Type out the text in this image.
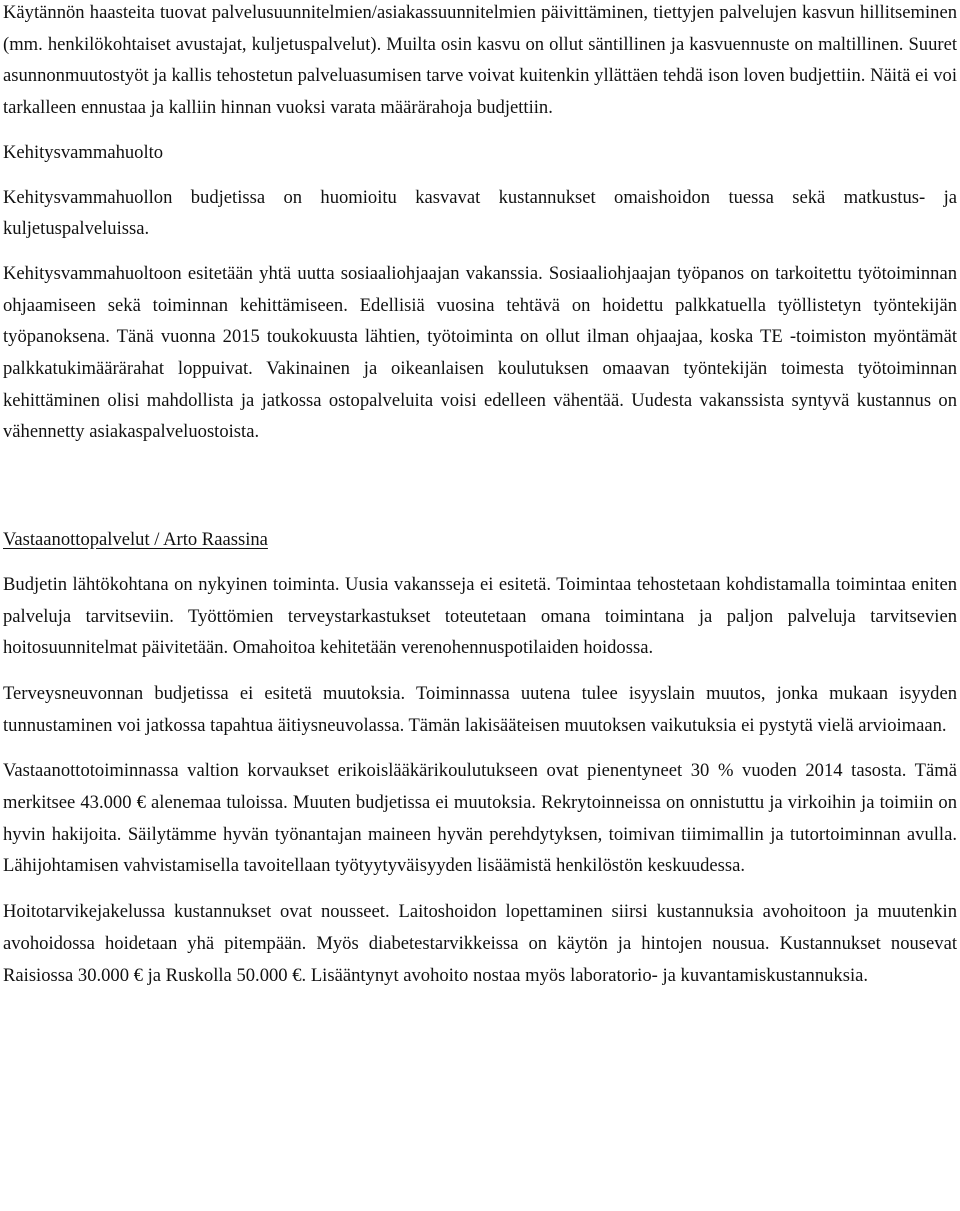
Käytännön haasteita tuovat palvelusuunnitelmien/asiakassuunnitelmien päivittäminen, tiettyjen palvelujen kasvun hillitseminen (mm. henkilökohtaiset avustajat, kuljetuspalvelut). Muilta osin kasvu on ollut säntillinen ja kasvuennuste on maltillinen. Suuret asunnonmuutostyöt ja kallis tehostetun palveluasumisen tarve voivat kuitenkin yllättäen tehdä ison loven budjettiin. Näitä ei voi tarkalleen ennustaa ja kalliin hinnan vuoksi varata määrärahoja budjettiin.

Kehitysvammahuolto

Kehitysvammahuollon budjetissa on huomioitu kasvavat kustannukset omaishoidon tuessa sekä matkustus- ja kuljetuspalveluissa.

Kehitysvammahuoltoon esitetään yhtä uutta sosiaaliohjaajan vakanssia. Sosiaaliohjaajan työpanos on tarkoitettu työtoiminnan ohjaamiseen sekä toiminnan kehittämiseen. Edellisiä vuosina tehtävä on hoidettu palkkatuella työllistetyn työntekijän työpanoksena. Tänä vuonna 2015 toukokuusta lähtien, työtoiminta on ollut ilman ohjaajaa, koska TE -toimiston myöntämät palkkatukimäärärahat loppuivat. Vakinainen ja oikeanlaisen koulutuksen omaavan työntekijän toimesta työtoiminnan kehittäminen olisi mahdollista ja jatkossa ostopalveluita voisi edelleen vähentää. Uudesta vakanssista syntyvä kustannus on vähennetty asiakaspalveluostoista.

Vastaanottopalvelut / Arto Raassina

Budjetin lähtökohtana on nykyinen toiminta. Uusia vakansseja ei esitetä. Toimintaa tehostetaan kohdistamalla toimintaa eniten palveluja tarvitseviin. Työttömien terveystarkastukset toteutetaan omana toimintana ja paljon palveluja tarvitsevien hoitosuunnitelmat päivitetään. Omahoitoa kehitetään verenohennuspotilaiden hoidossa.

Terveysneuvonnan budjetissa ei esitetä muutoksia. Toiminnassa uutena tulee isyyslain muutos, jonka mukaan isyyden tunnustaminen voi jatkossa tapahtua äitiysneuvolassa. Tämän lakisääteisen muutoksen vaikutuksia ei pystytä vielä arvioimaan.

Vastaanottotoiminnassa valtion korvaukset erikoislääkärikoulutukseen ovat pienentyneet 30 % vuoden 2014 tasosta. Tämä merkitsee 43.000 € alenemaa tuloissa. Muuten budjetissa ei muutoksia. Rekrytoinneissa on onnistuttu ja virkoihin ja toimiin on hyvin hakijoita. Säilytämme hyvän työnantajan maineen hyvän perehdytyksen, toimivan tiimimallin ja tutortoiminnan avulla. Lähijohtamisen vahvistamisella tavoitellaan työtyytyväisyyden lisäämistä henkilöstön keskuudessa.

Hoitotarvikejakelussa kustannukset ovat nousseet. Laitoshoidon lopettaminen siirsi kustannuksia avohoitoon ja muutenkin avohoidossa hoidetaan yhä pitempään. Myös diabetestarvikkeissa on käytön ja hintojen nousua. Kustannukset nousevat Raisiossa 30.000 € ja Ruskolla 50.000 €. Lisääntynyt avohoito nostaa myös laboratorio- ja kuvantamiskustannuksia.
